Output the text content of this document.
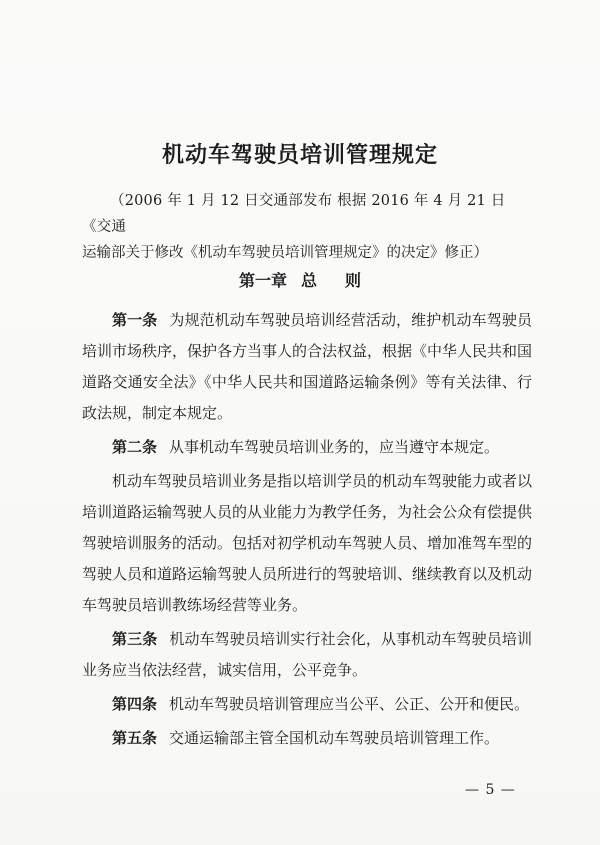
机动车驾驶员培训管理规定
（2006 年 1 月 12 日交通部发布 根据 2016 年 4 月 21 日《交通
运输部关于修改《机动车驾驶员培训管理规定》的决定》修正）
第一章 总 则

第一条 为规范机动车驾驶员培训经营活动，维护机动车驾驶员培训市场秩序，保护各方当事人的合法权益，根据《中华人民共和国道路交通安全法》《中华人民共和国道路运输条例》等有关法律、行政法规，制定本规定。

第二条 从事机动车驾驶员培训业务的，应当遵守本规定。

机动车驾驶员培训业务是指以培训学员的机动车驾驶能力或者以培训道路运输驾驶人员的从业能力为教学任务，为社会公众有偿提供驾驶培训服务的活动。包括对初学机动车驾驶人员、增加准驾车型的驾驶人员和道路运输驾驶人员所进行的驾驶培训、继续教育以及机动车驾驶员培训教练场经营等业务。

第三条 机动车驾驶员培训实行社会化，从事机动车驾驶员培训业务应当依法经营，诚实信用，公平竞争。

第四条 机动车驾驶员培训管理应当公平、公正、公开和便民。

第五条 交通运输部主管全国机动车驾驶员培训管理工作。

— 5 —
